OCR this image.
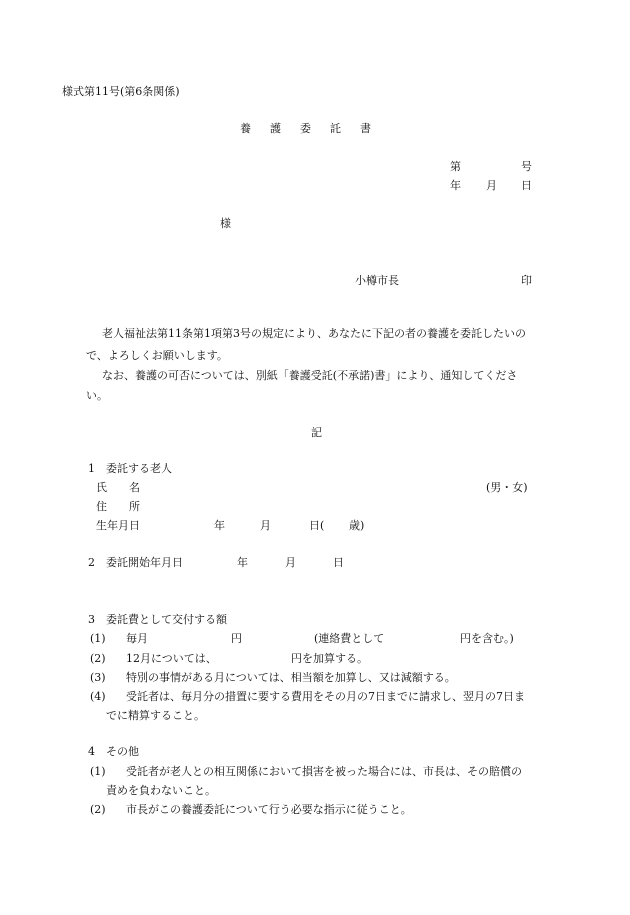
様式第11号(第6条関係)
養護委託書
第	号
年 月 日
様
小樽市長	印
老人福祉法第11条第1項第3号の規定により、あなたに下記の者の養護を委託したいの
で、よろしくお願いします。
なお、養護の可否については、別紙「養護受託(不承諾)書」により、通知してくださ
い。
記
1　委託する老人
氏　　名	(男・女)
住　　所
生年月日	年	月	日( 歳)
2　委託開始年月日	年	月	日
3　委託費として交付する額
(1) 毎月	円	(連絡費として	円を含む。)
(2) 12月については、	円を加算する。
(3) 特別の事情がある月については、相当額を加算し、又は減額する。
(4) 受託者は、毎月分の措置に要する費用をその月の7日までに請求し、翌月の7日ま
でに精算すること。
4　その他
(1) 受託者が老人との相互関係において損害を被った場合には、市長は、その賠償の
責めを負わないこと。
(2) 市長がこの養護委託について行う必要な指示に従うこと。
